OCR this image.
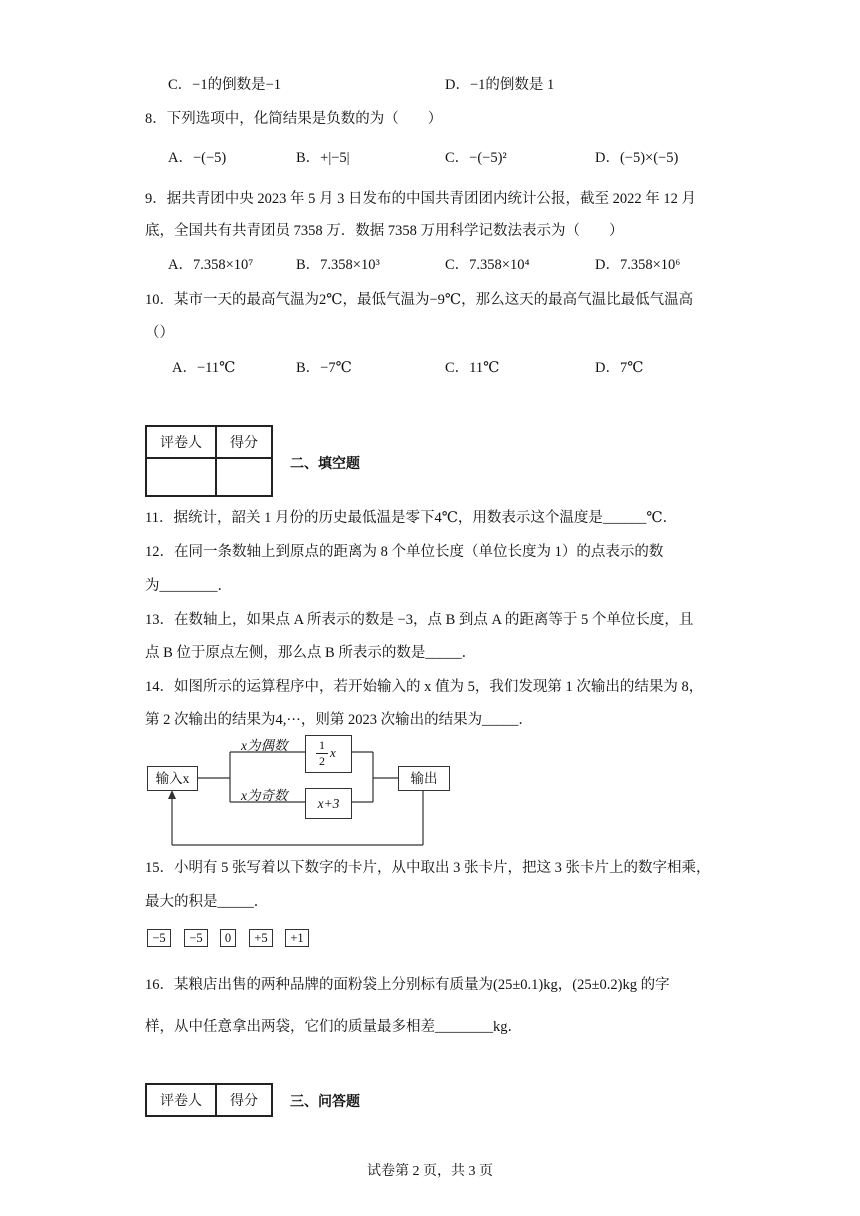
C．−1的倒数是−1	D．−1的倒数是 1
8．下列选项中，化简结果是负数的为（　　）
A．−(−5)	B．+|−5|	C．−(−5)²	D．(−5)×(−5)
9．据共青团中央 2023 年 5 月 3 日发布的中国共青团团内统计公报，截至 2022 年 12 月
底，全国共有共青团员 7358 万．数据 7358 万用科学记数法表示为（　　）
A．7.358×10⁷	B．7.358×10³	C．7.358×10⁴	D．7.358×10⁶
10．某市一天的最高气温为2℃，最低气温为−9℃，那么这天的最高气温比最低气温高
（）
A．−11℃	B．−7℃	C．11℃	D．7℃
评卷人	得分

二、填空题
11．据统计，韶关 1 月份的历史最低温是零下4℃，用数表示这个温度是______℃．
12．在同一条数轴上到原点的距离为 8 个单位长度（单位长度为 1）的点表示的数
为________．
13．在数轴上，如果点 A 所表示的数是 −3，点 B 到点 A 的距离等于 5 个单位长度，且
点 B 位于原点左侧，那么点 B 所表示的数是_____．
14．如图所示的运算程序中，若开始输入的 x 值为 5，我们发现第 1 次输出的结果为 8，
第 2 次输出的结果为4,···，则第 2023 次输出的结果为_____．
输入x
x为偶数
x为奇数
1
2
x
x+3
输出
15．小明有 5 张写着以下数字的卡片，从中取出 3 张卡片，把这 3 张卡片上的数字相乘，
最大的积是_____．
−5	−5	0	+5	+1
16．某粮店出售的两种品牌的面粉袋上分别标有质量为(25±0.1)kg，(25±0.2)kg 的字
样，从中任意拿出两袋，它们的质量最多相差________kg．
评卷人	得分 三、问答题
试卷第 2 页，共 3 页
